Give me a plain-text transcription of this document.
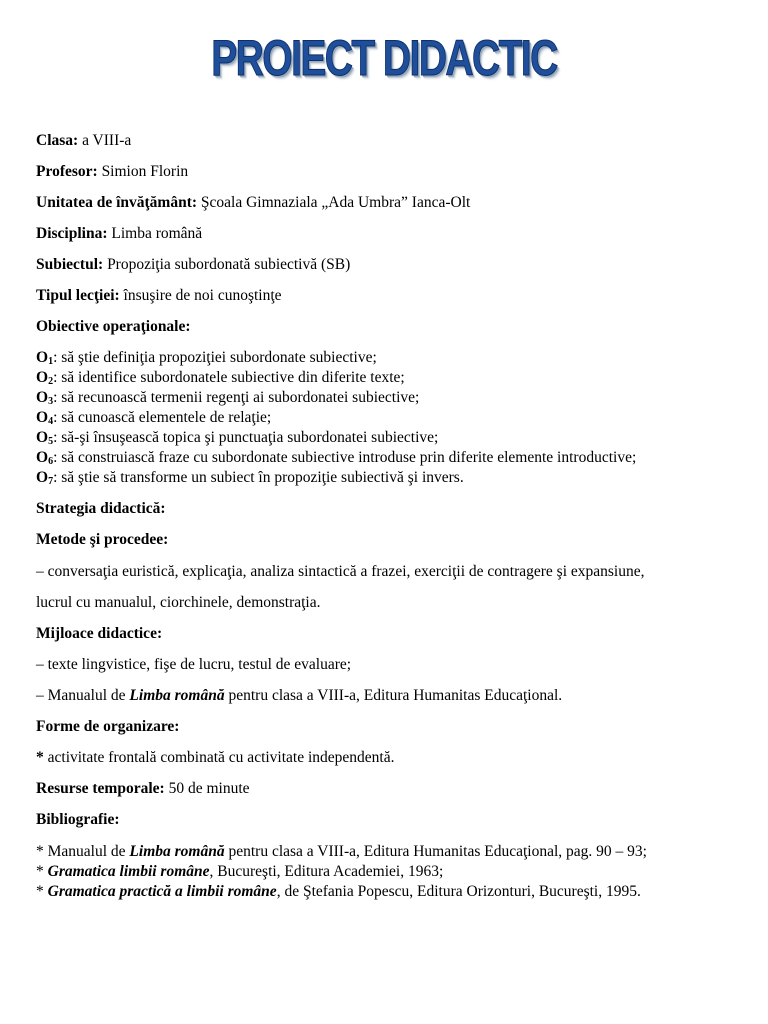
PROIECT DIDACTIC

Clasa: a VIII-a

Profesor: Simion Florin

Unitatea de învăţământ: Şcoala Gimnaziala „Ada Umbra” Ianca-Olt

Disciplina: Limba română

Subiectul: Propoziţia subordonată subiectivă (SB)

Tipul lecţiei: însuşire de noi cunoştinţe

Obiective operaţionale:

$O_1$: să ştie definiţia propoziţiei subordonate subiective;

$O_2$: să identifice subordonatele subiective din diferite texte;

$O_3$: să recunoască termenii regenţi ai subordonatei subiective;

$O_4$: să cunoască elementele de relaţie;

$O_5$: să-şi însuşească topica şi punctuaţia subordonatei subiective;

$O_6$: să construiască fraze cu subordonate subiective introduse prin diferite elemente introductive;

$O_7$: să ştie să transforme un subiect în propoziţie subiectivă şi invers.

Strategia didactică:

Metode şi procedee:

– conversaţia euristică, explicaţia, analiza sintactică a frazei, exerciţii de contragere şi expansiune,
lucrul cu manualul, ciorchinele, demonstraţia.

Mijloace didactice:

– texte lingvistice, fişe de lucru, testul de evaluare;
– Manualul de Limba română pentru clasa a VIII-a, Editura Humanitas Educaţional.

Forme de organizare:

* activitate frontală combinată cu activitate independentă.

Resurse temporale: 50 de minute

Bibliografie:

* Manualul de Limba română pentru clasa a VIII-a, Editura Humanitas Educaţional, pag. 90 – 93;

* Gramatica limbii române, Bucureşti, Editura Academiei, 1963;

* Gramatica practică a limbii române, de Ştefania Popescu, Editura Orizonturi, Bucureşti, 1995.
